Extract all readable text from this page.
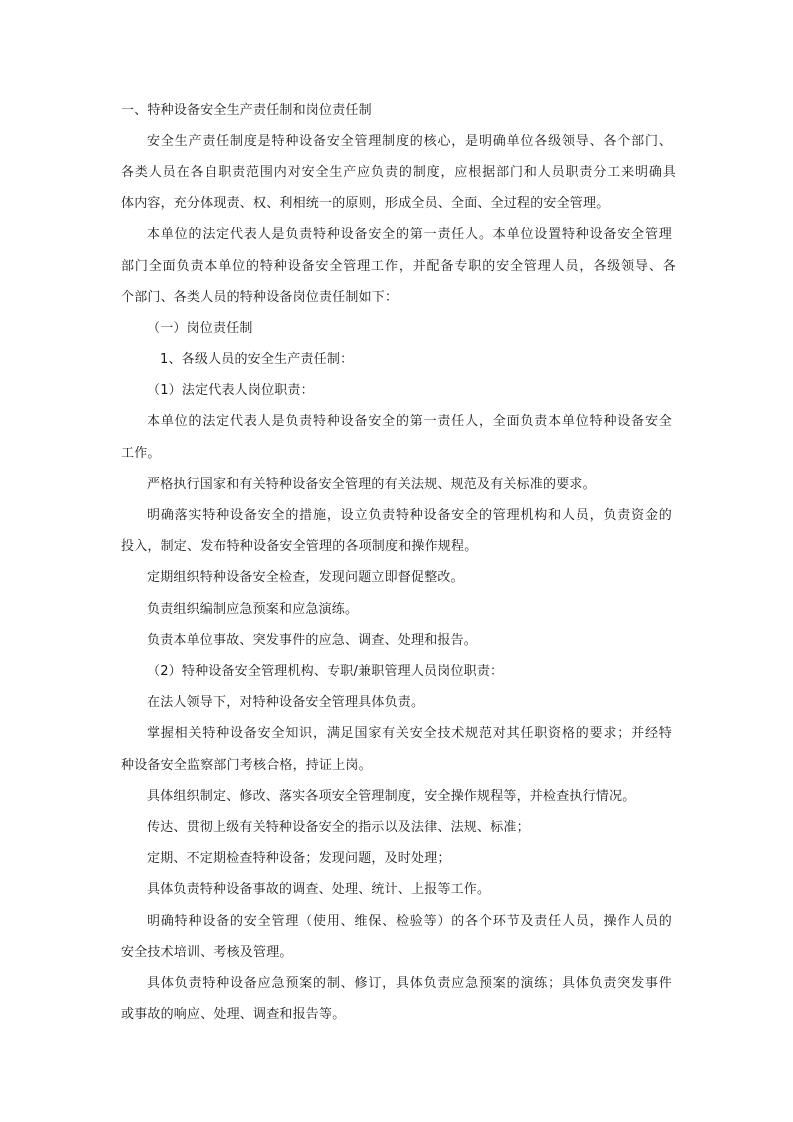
一、特种设备安全生产责任制和岗位责任制

安全生产责任制度是特种设备安全管理制度的核心，是明确单位各级领导、各个部门、

各类人员在各自职责范围内对安全生产应负责的制度，应根据部门和人员职责分工来明确具

体内容，充分体现责、权、利相统一的原则，形成全员、全面、全过程的安全管理。

本单位的法定代表人是负责特种设备安全的第一责任人。本单位设置特种设备安全管理

部门全面负责本单位的特种设备安全管理工作，并配备专职的安全管理人员，各级领导、各

个部门、各类人员的特种设备岗位责任制如下：

（一）岗位责任制

1、各级人员的安全生产责任制：

（1）法定代表人岗位职责：

本单位的法定代表人是负责特种设备安全的第一责任人，全面负责本单位特种设备安全

工作。

严格执行国家和有关特种设备安全管理的有关法规、规范及有关标准的要求。

明确落实特种设备安全的措施，设立负责特种设备安全的管理机构和人员，负责资金的

投入，制定、发布特种设备安全管理的各项制度和操作规程。

定期组织特种设备安全检查，发现问题立即督促整改。

负责组织编制应急预案和应急演练。

负责本单位事故、突发事件的应急、调查、处理和报告。

（2）特种设备安全管理机构、专职/兼职管理人员岗位职责：

在法人领导下，对特种设备安全管理具体负责。

掌握相关特种设备安全知识，满足国家有关安全技术规范对其任职资格的要求；并经特

种设备安全监察部门考核合格，持证上岗。

具体组织制定、修改、落实各项安全管理制度，安全操作规程等，并检查执行情况。

传达、贯彻上级有关特种设备安全的指示以及法律、法规、标准；

定期、不定期检查特种设备；发现问题，及时处理；

具体负责特种设备事故的调查、处理、统计、上报等工作。

明确特种设备的安全管理（使用、维保、检验等）的各个环节及责任人员，操作人员的

安全技术培训、考核及管理。

具体负责特种设备应急预案的制、修订，具体负责应急预案的演练；具体负责突发事件

或事故的响应、处理、调查和报告等。
